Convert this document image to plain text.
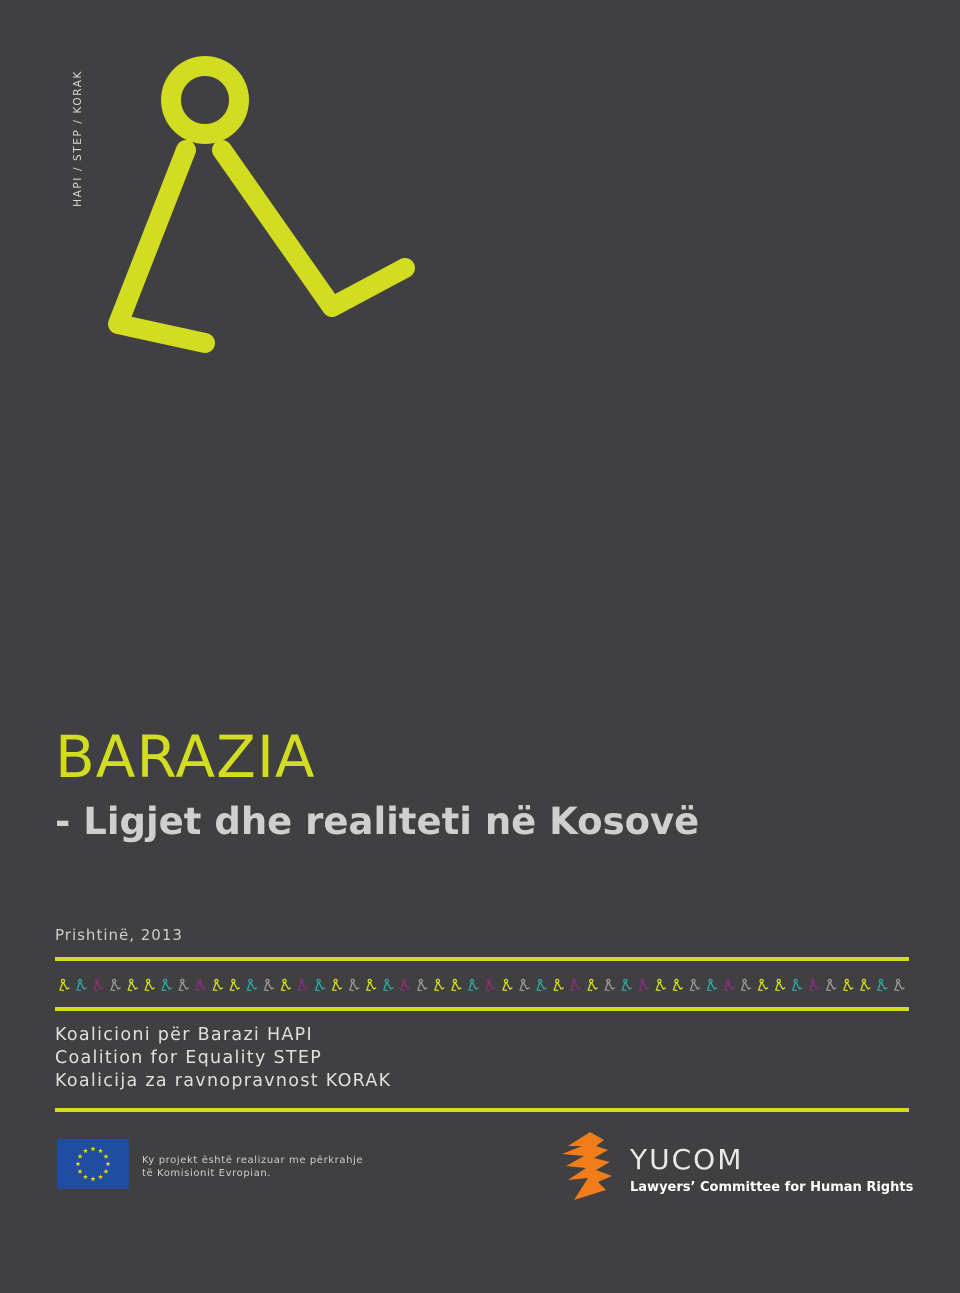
HAPI / STEP / KORAK
BARAZIA
- Ligjet dhe realiteti në Kosovë
Prishtinë, 2013
Koalicioni për Barazi HAPI
Coalition for Equality STEP
Koalicija za ravnopravnost KORAK
Ky projekt është realizuar me përkrahje
të Komisionit Evropian.	YUCOM
Lawyers’ Committee for Human Rights
